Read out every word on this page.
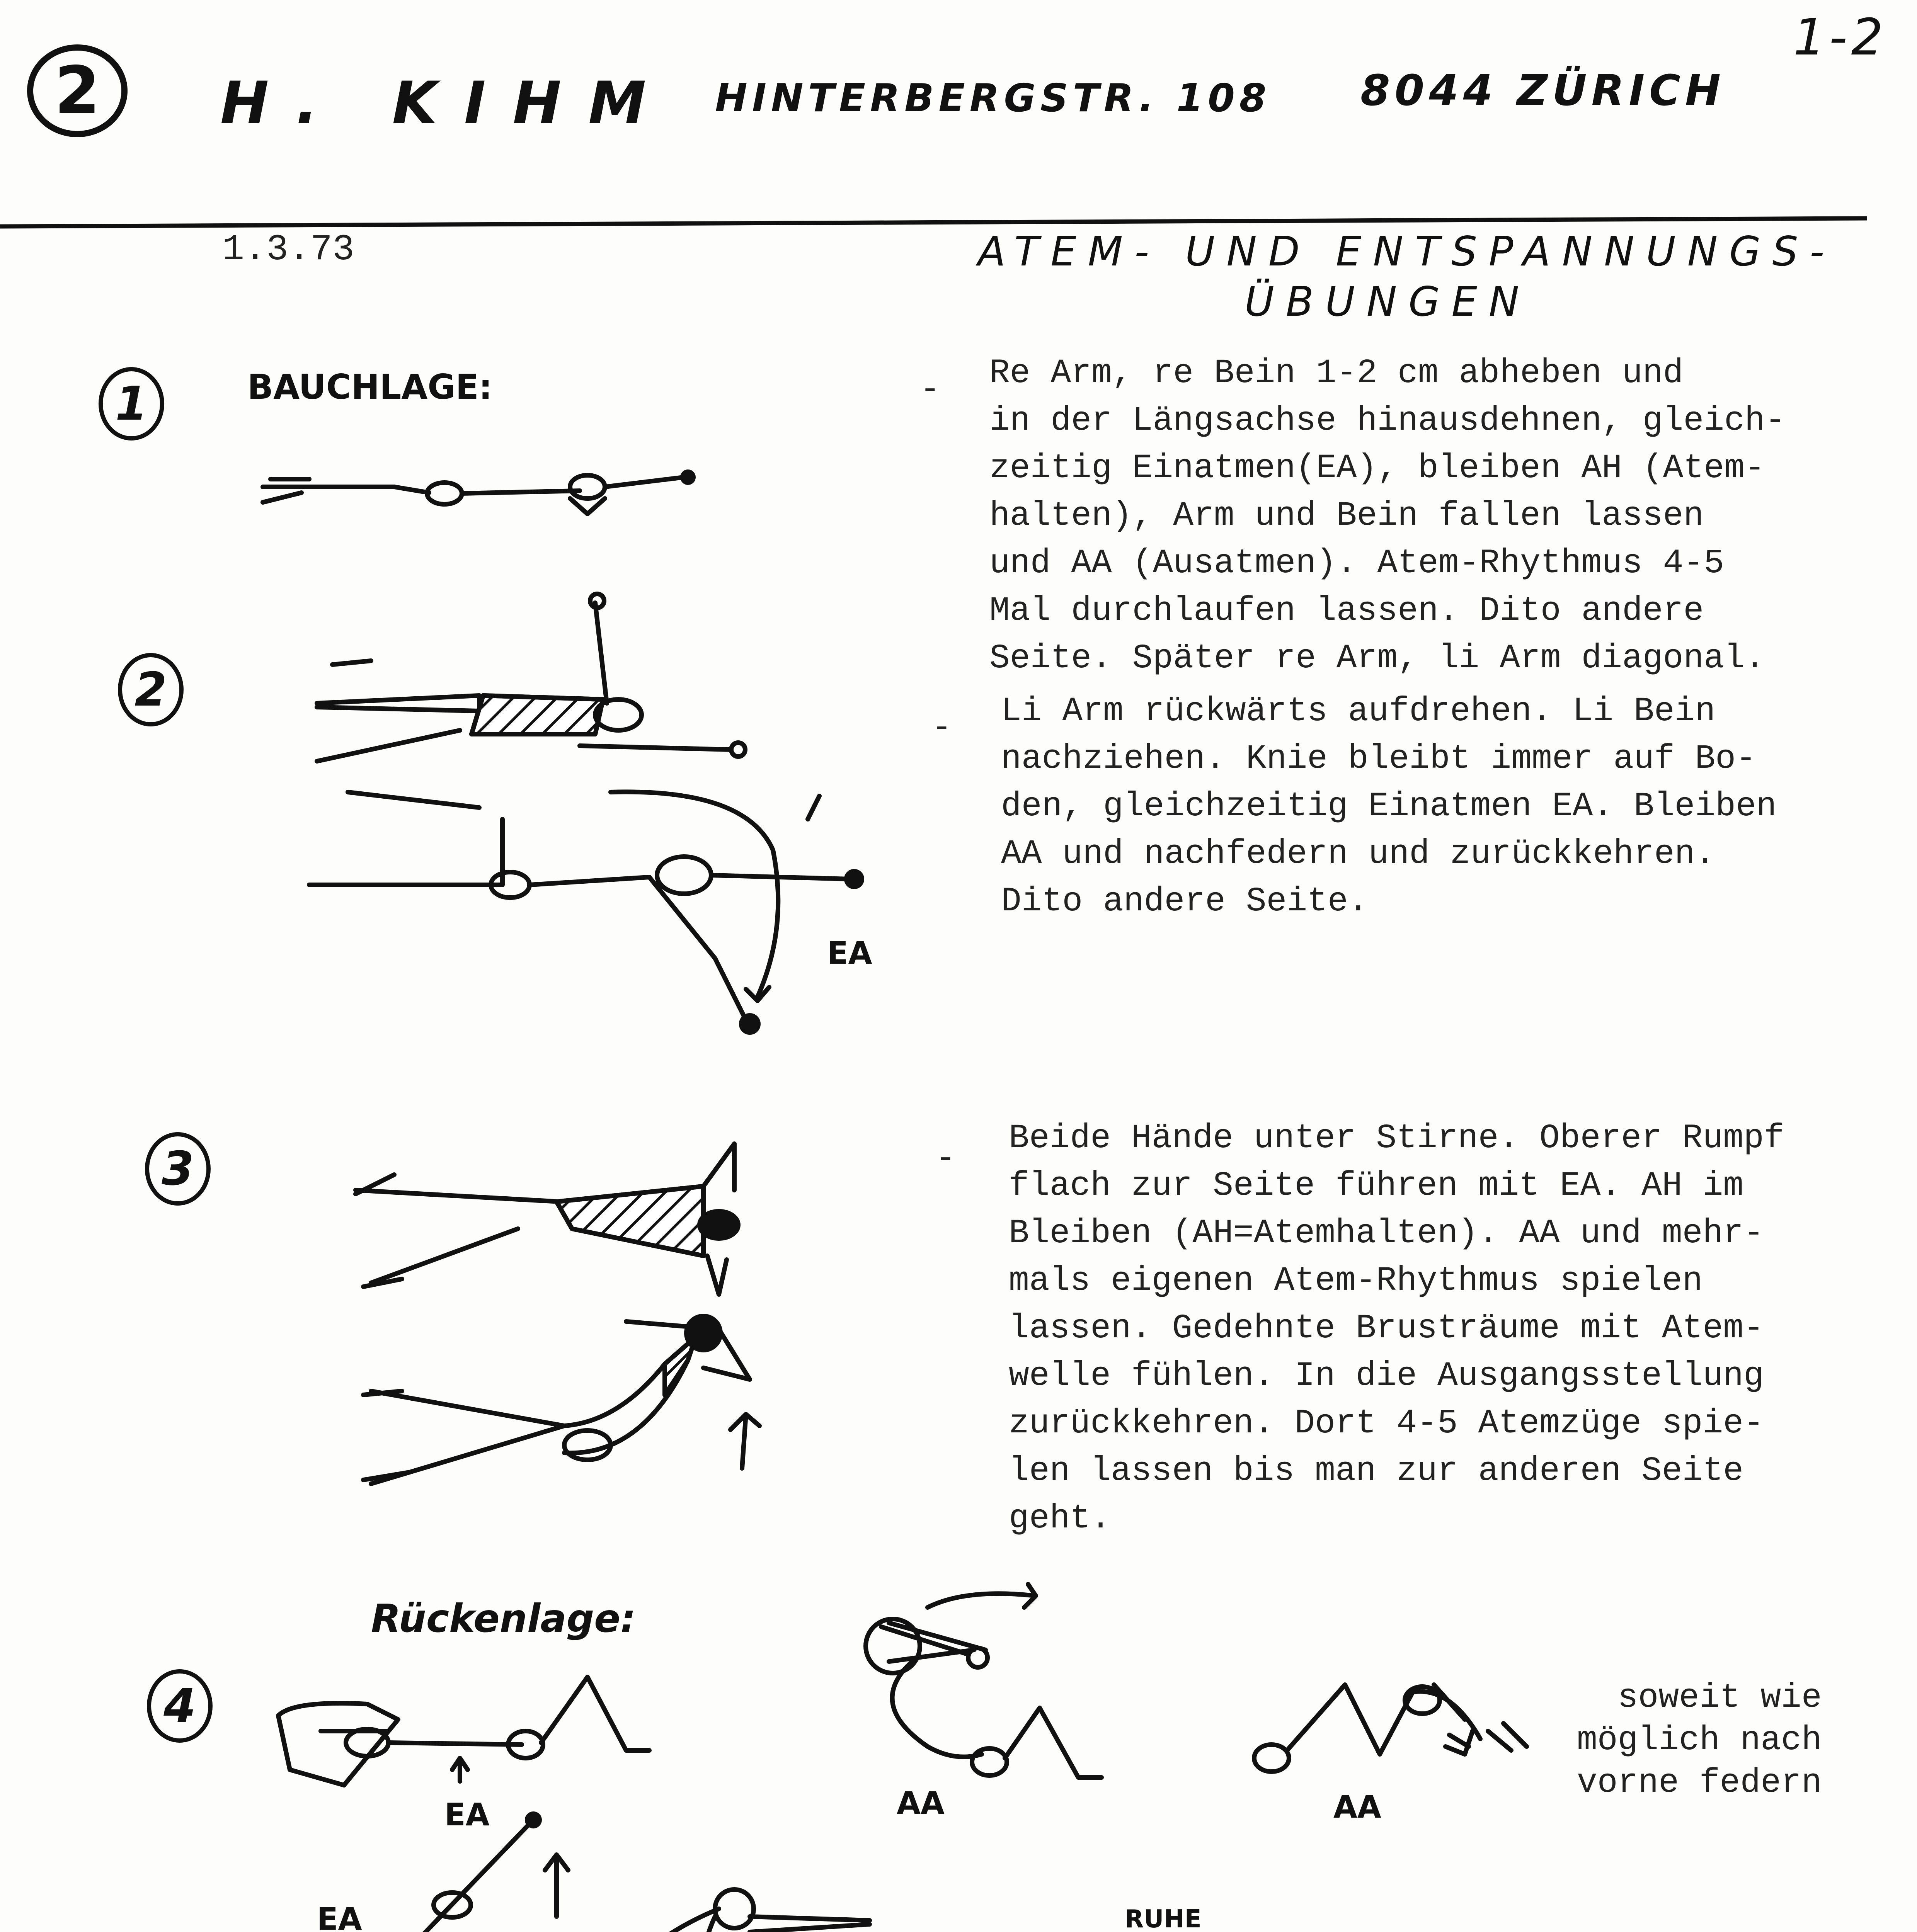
2 H. KIHM HINTERBERGSTR. 108 8044 ZÜRICH
1-2
1.3.73	ATEM- UND ENTSPANNUNGS-
ÜBUNGEN
1	BAUCHLAGE:	- Re Arm, re Bein 1-2 cm abheben und
in der Längsachse hinausdehnen, gleich-
zeitig Einatmen(EA), bleiben AH (Atem-
halten), Arm und Bein fallen lassen
und AA (Ausatmen). Atem-Rhythmus 4-5
Mal durchlaufen lassen. Dito andere
Seite. Später re Arm, li Arm diagonal.
2
EA
- Li Arm rückwärts aufdrehen. Li Bein
nachziehen. Knie bleibt immer auf Bo-
den, gleichzeitig Einatmen EA. Bleiben
AA und nachfedern und zurückkehren.
Dito andere Seite.
3	-
Beide Hände unter Stirne. Oberer Rumpf
flach zur Seite führen mit EA. AH im
Bleiben (AH=Atemhalten). AA und mehr-
mals eigenen Atem-Rhythmus spielen
lassen. Gedehnte Brusträume mit Atem-
welle fühlen. In die Ausgangsstellung
zurückkehren. Dort 4-5 Atemzüge spie-
len lassen bis man zur anderen Seite
geht.
Rückenlage:
4
EA	AA	AA
soweit wie
möglich nach
vorne federn
EA	RUHE
